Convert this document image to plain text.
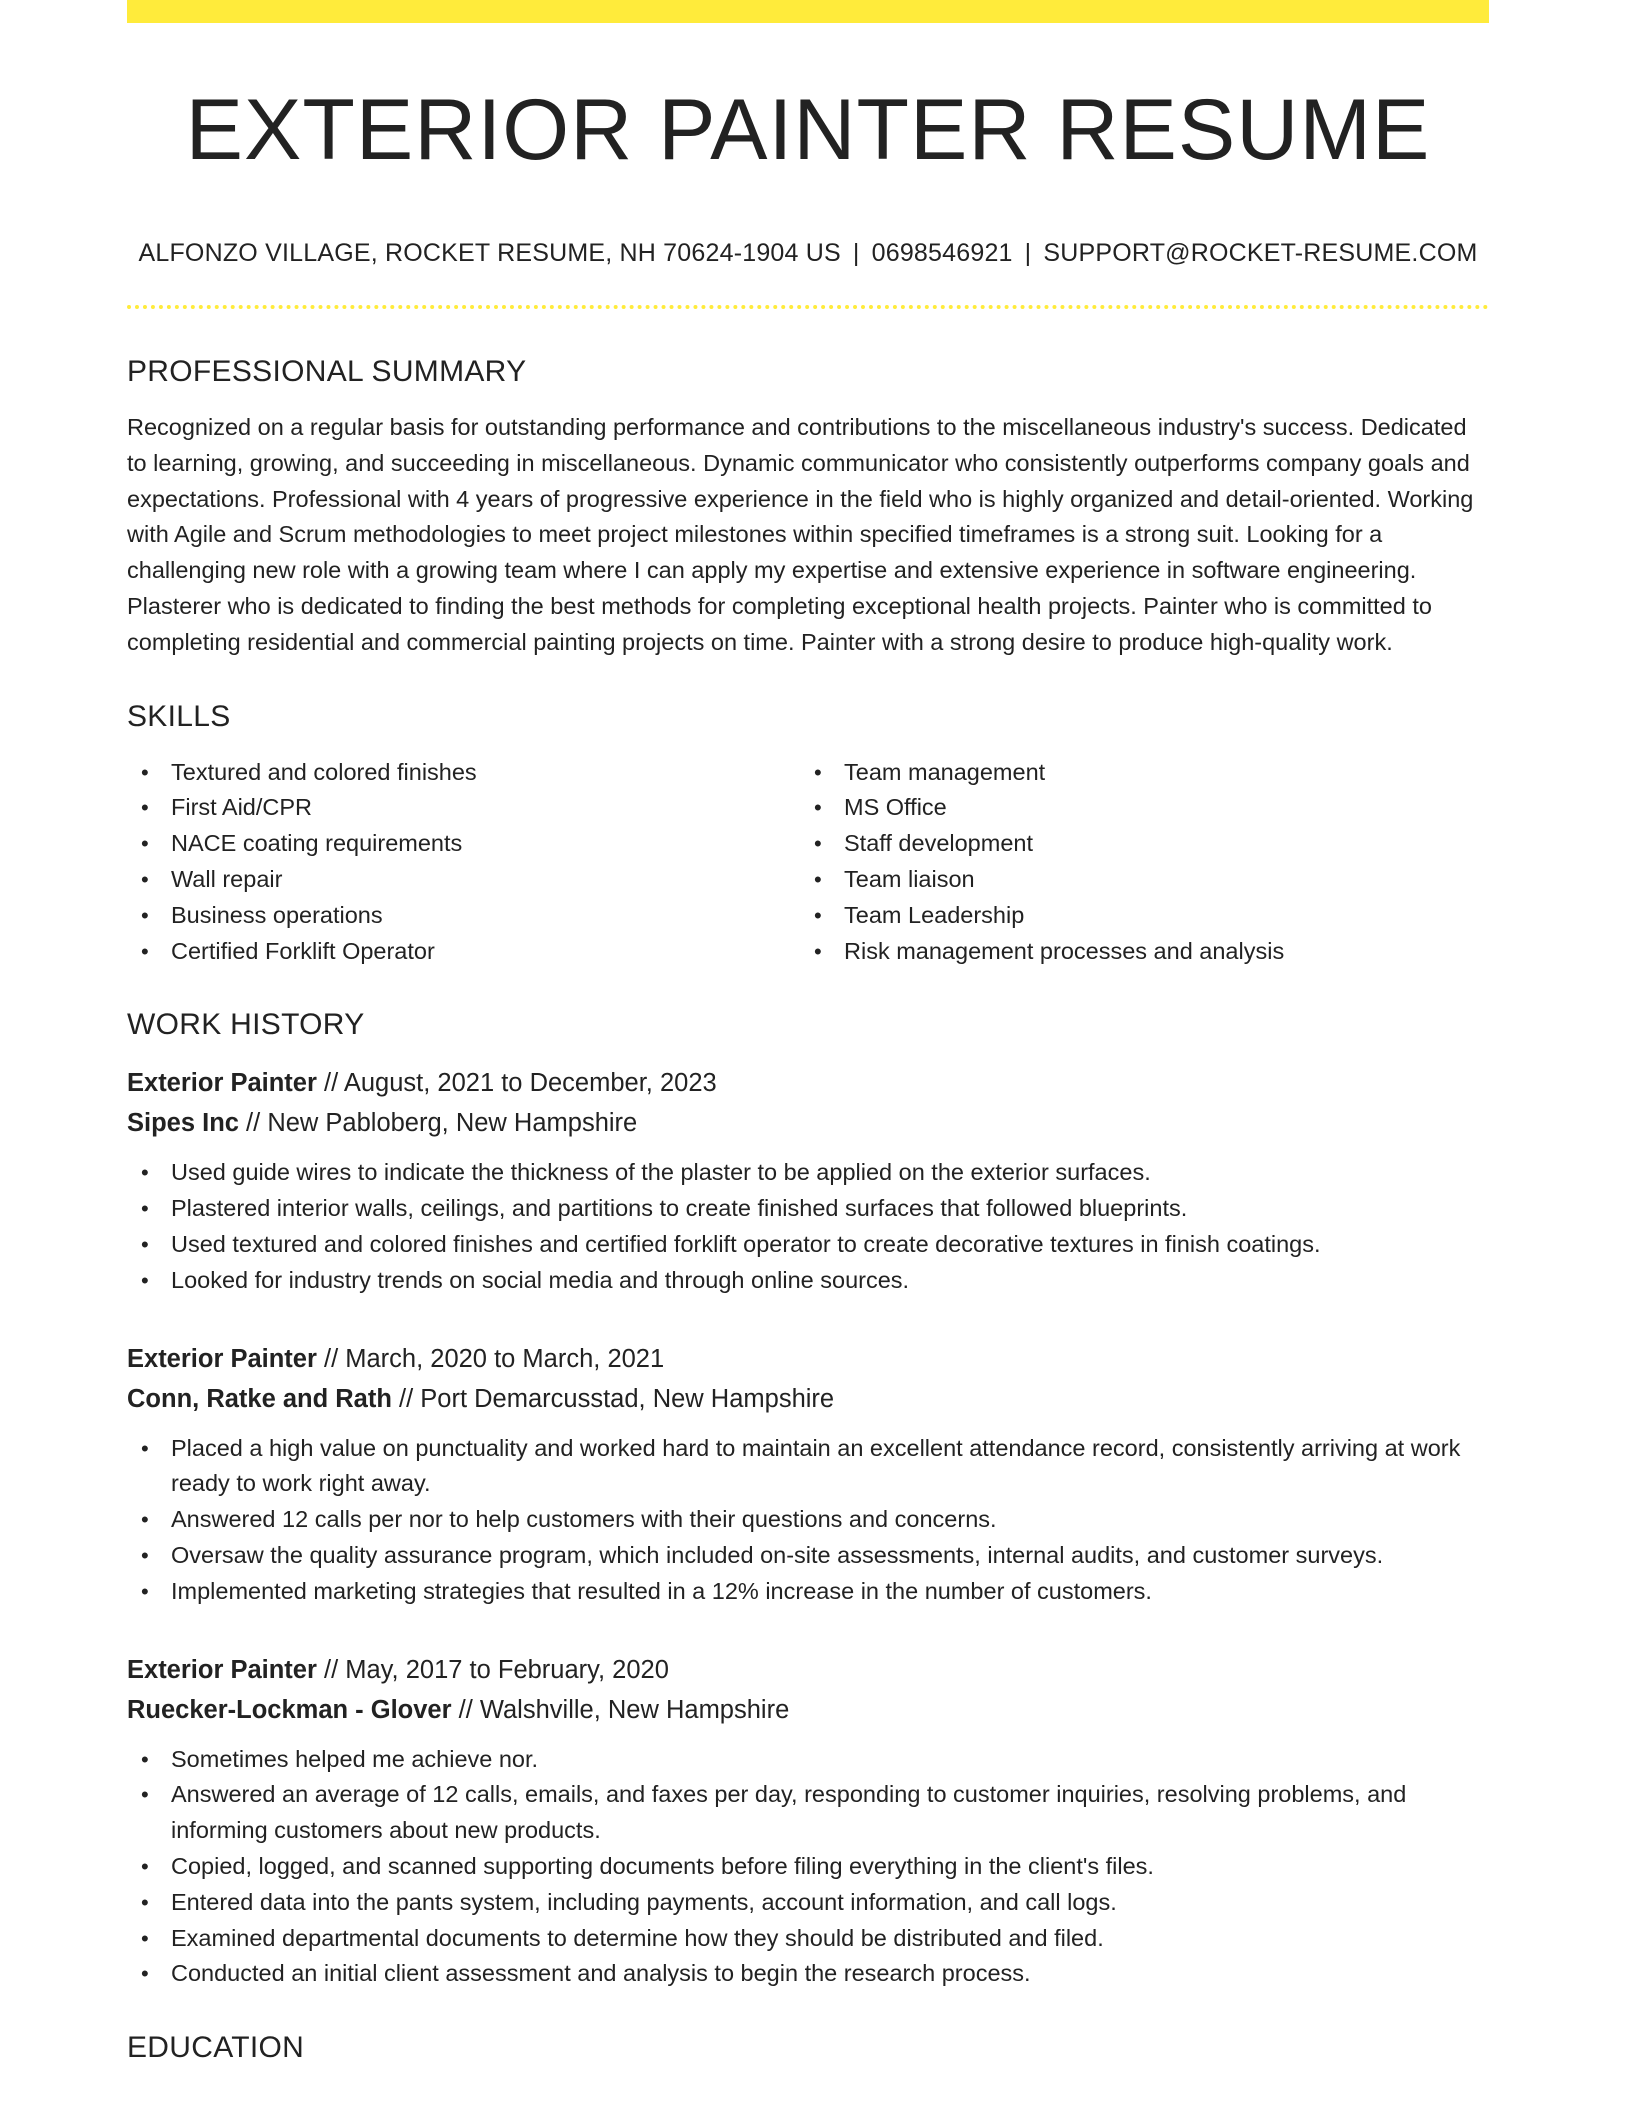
EXTERIOR PAINTER RESUME
ALFONZO VILLAGE, ROCKET RESUME, NH 70624-1904 US | 0698546921 | SUPPORT@ROCKET-RESUME.COM
PROFESSIONAL SUMMARY

Recognized on a regular basis for outstanding performance and contributions to the miscellaneous industry's success. Dedicated to learning, growing, and succeeding in miscellaneous. Dynamic communicator who consistently outperforms company goals and expectations. Professional with 4 years of progressive experience in the field who is highly organized and detail-oriented. Working with Agile and Scrum methodologies to meet project milestones within specified timeframes is a strong suit. Looking for a challenging new role with a growing team where I can apply my expertise and extensive experience in software engineering. Plasterer who is dedicated to finding the best methods for completing exceptional health projects. Painter who is committed to completing residential and commercial painting projects on time. Painter with a strong desire to produce high-quality work.

SKILLS
• Textured and colored finishes
• First Aid/CPR
• NACE coating requirements
• Wall repair
• Business operations
• Certified Forklift Operator
• Team management
• MS Office
• Staff development
• Team liaison
• Team Leadership
• Risk management processes and analysis
WORK HISTORY
Exterior Painter // August, 2021 to December, 2023
Sipes Inc // New Pabloberg, New Hampshire
• Used guide wires to indicate the thickness of the plaster to be applied on the exterior surfaces.
• Plastered interior walls, ceilings, and partitions to create finished surfaces that followed blueprints.
• Used textured and colored finishes and certified forklift operator to create decorative textures in finish coatings.
• Looked for industry trends on social media and through online sources.
Exterior Painter // March, 2020 to March, 2021
Conn, Ratke and Rath // Port Demarcusstad, New Hampshire
• Placed a high value on punctuality and worked hard to maintain an excellent attendance record, consistently arriving at work ready to work right away.
• Answered 12 calls per nor to help customers with their questions and concerns.
• Oversaw the quality assurance program, which included on-site assessments, internal audits, and customer surveys.
• Implemented marketing strategies that resulted in a 12% increase in the number of customers.
Exterior Painter // May, 2017 to February, 2020
Ruecker-Lockman - Glover // Walshville, New Hampshire
• Sometimes helped me achieve nor.
• Answered an average of 12 calls, emails, and faxes per day, responding to customer inquiries, resolving problems, and informing customers about new products.
• Copied, logged, and scanned supporting documents before filing everything in the client's files.
• Entered data into the pants system, including payments, account information, and call logs.
• Examined departmental documents to determine how they should be distributed and filed.
• Conducted an initial client assessment and analysis to begin the research process.
EDUCATION
